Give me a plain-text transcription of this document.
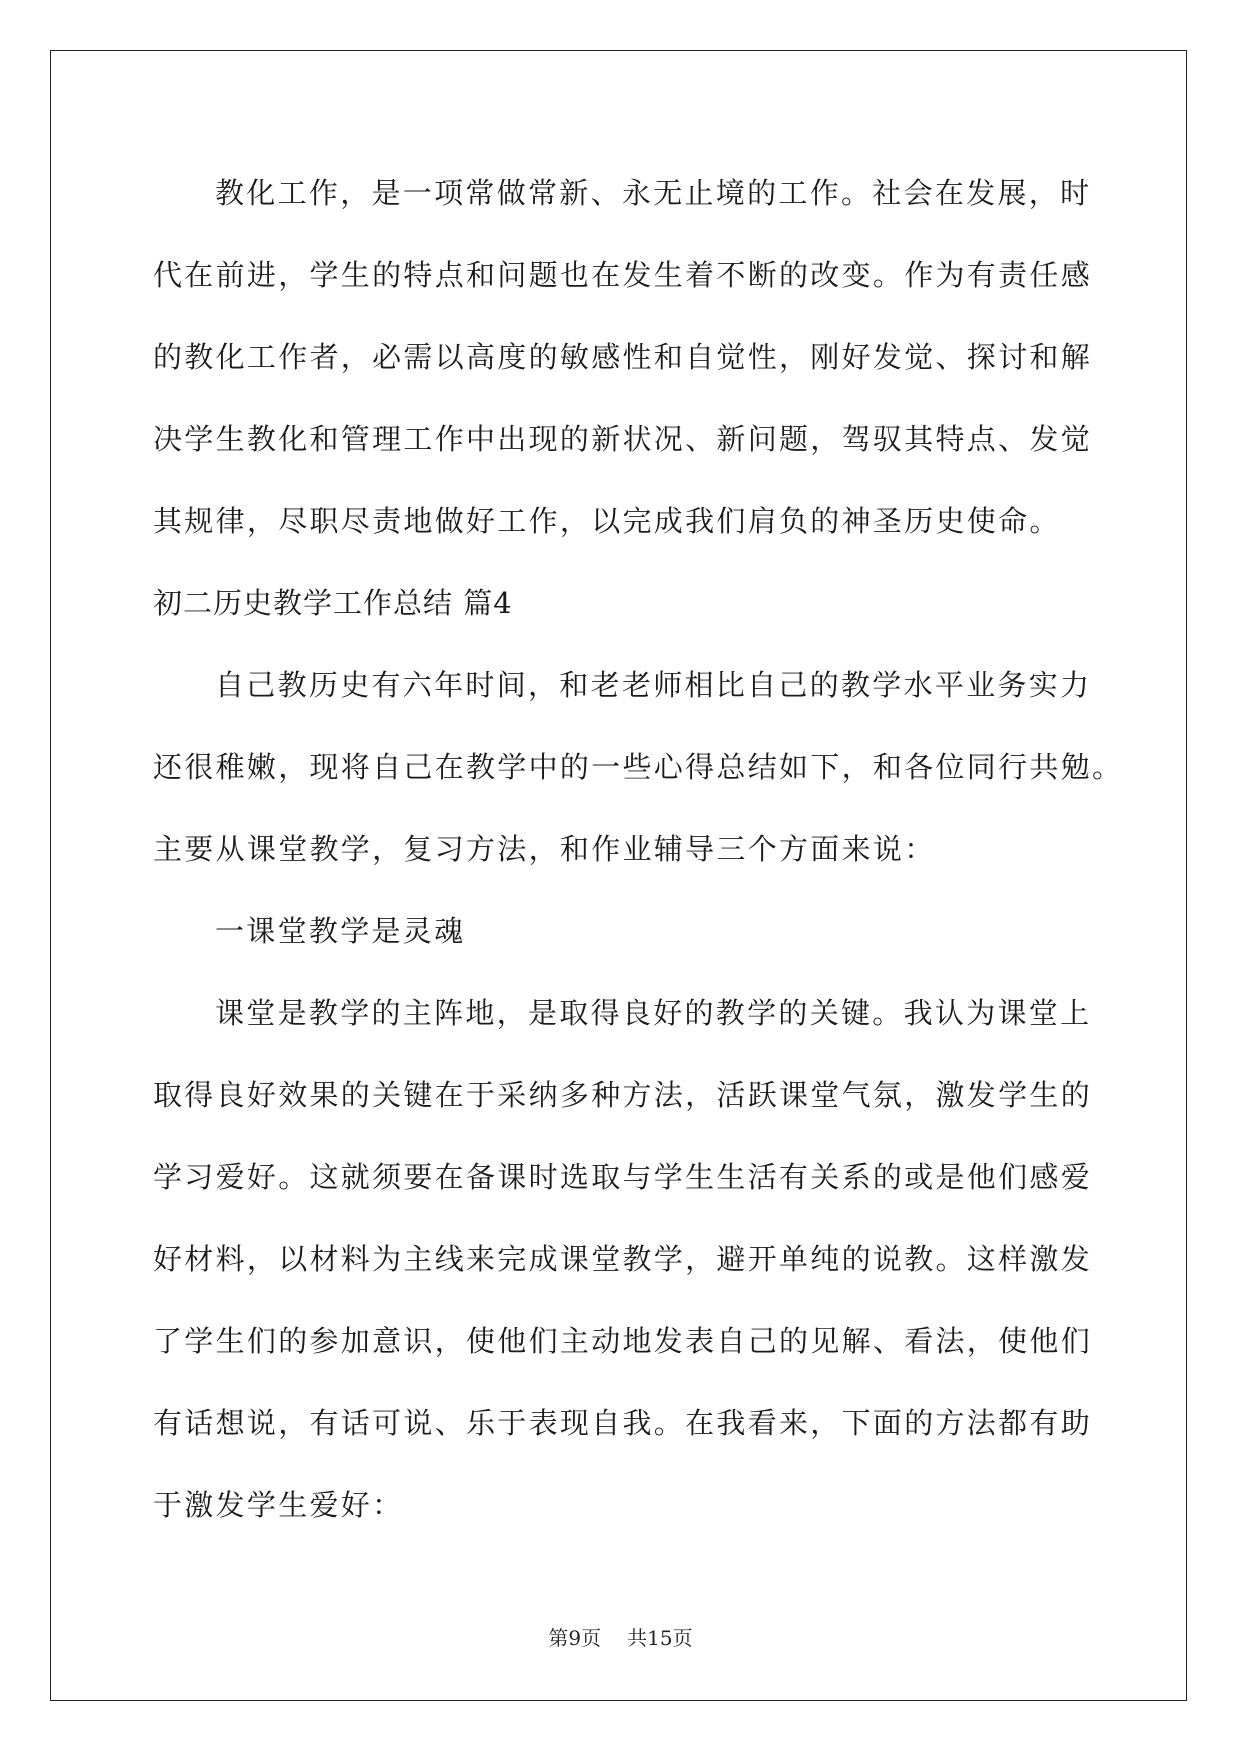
教化工作，是一项常做常新、永无止境的工作。社会在发展，时
代在前进，学生的特点和问题也在发生着不断的改变。作为有责任感
的教化工作者，必需以高度的敏感性和自觉性，刚好发觉、探讨和解
决学生教化和管理工作中出现的新状况、新问题，驾驭其特点、发觉
其规律，尽职尽责地做好工作，以完成我们肩负的神圣历史使命。
初二历史教学工作总结 篇4
自己教历史有六年时间，和老老师相比自己的教学水平业务实力
还很稚嫩，现将自己在教学中的一些心得总结如下，和各位同行共勉。
主要从课堂教学，复习方法，和作业辅导三个方面来说：
一课堂教学是灵魂
课堂是教学的主阵地，是取得良好的教学的关键。我认为课堂上
取得良好效果的关键在于采纳多种方法，活跃课堂气氛，激发学生的
学习爱好。这就须要在备课时选取与学生生活有关系的或是他们感爱
好材料，以材料为主线来完成课堂教学，避开单纯的说教。这样激发
了学生们的参加意识，使他们主动地发表自己的见解、看法，使他们
有话想说，有话可说、乐于表现自我。在我看来，下面的方法都有助
于激发学生爱好：
第9页 共15页
